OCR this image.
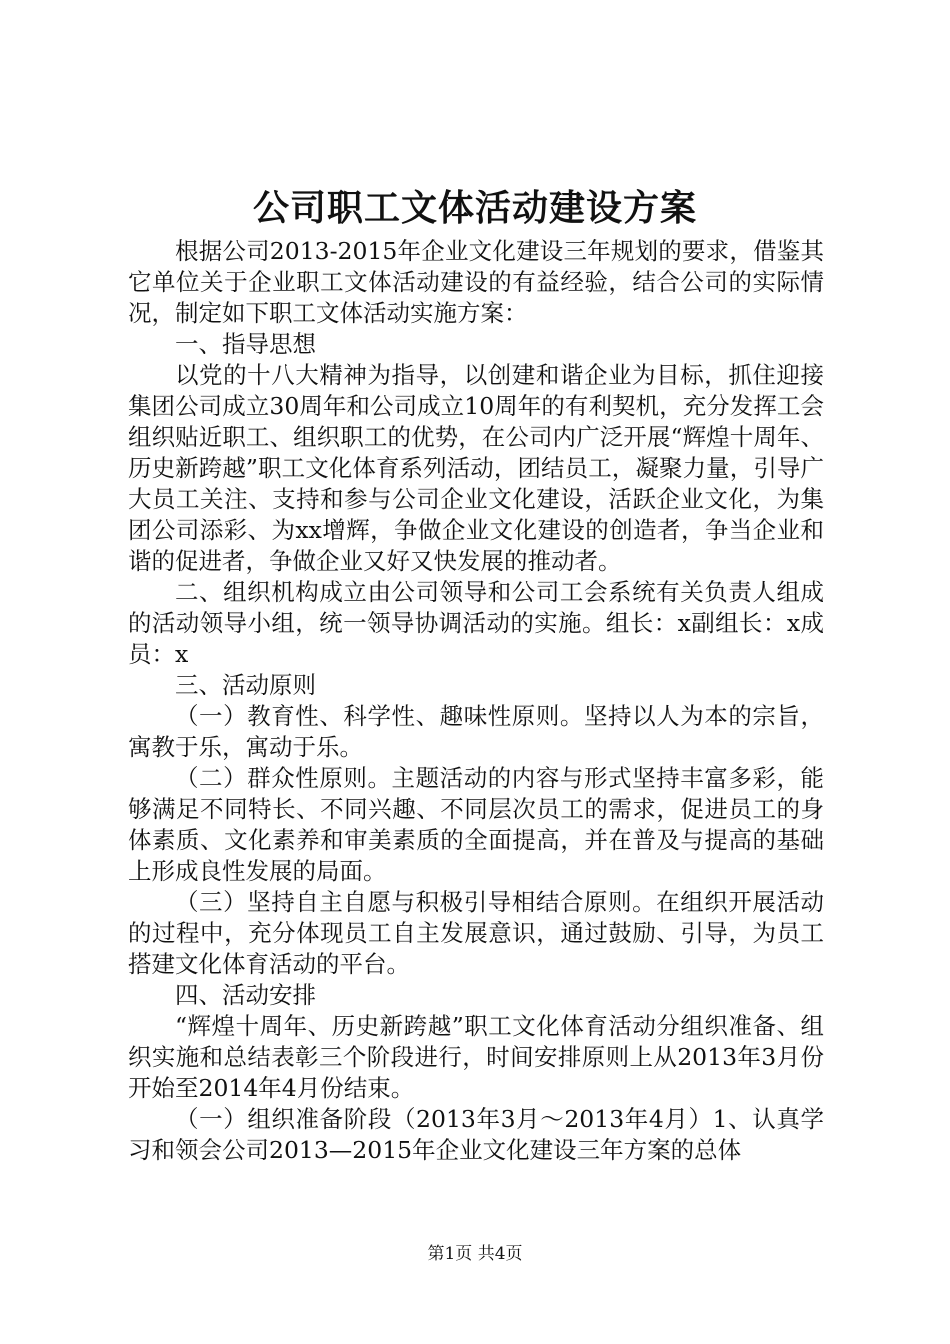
公司职工文体活动建设方案

根据公司2013-2015年企业文化建设三年规划的要求，借鉴其它单位关于企业职工文体活动建设的有益经验，结合公司的实际情况，制定如下职工文体活动实施方案：

一、指导思想

以党的十八大精神为指导，以创建和谐企业为目标，抓住迎接集团公司成立30周年和公司成立10周年的有利契机，充分发挥工会组织贴近职工、组织职工的优势，在公司内广泛开展“辉煌十周年、历史新跨越”职工文化体育系列活动，团结员工，凝聚力量，引导广大员工关注、支持和参与公司企业文化建设，活跃企业文化，为集团公司添彩、为xx增辉，争做企业文化建设的创造者，争当企业和谐的促进者，争做企业又好又快发展的推动者。

二、组织机构成立由公司领导和公司工会系统有关负责人组成的活动领导小组，统一领导协调活动的实施。组长：x副组长：x成员：x

三、活动原则

（一）教育性、科学性、趣味性原则。坚持以人为本的宗旨，寓教于乐，寓动于乐。

（二）群众性原则。主题活动的内容与形式坚持丰富多彩，能够满足不同特长、不同兴趣、不同层次员工的需求，促进员工的身体素质、文化素养和审美素质的全面提高，并在普及与提高的基础上形成良性发展的局面。

（三）坚持自主自愿与积极引导相结合原则。在组织开展活动的过程中，充分体现员工自主发展意识，通过鼓励、引导，为员工搭建文化体育活动的平台。

四、活动安排

“辉煌十周年、历史新跨越”职工文化体育活动分组织准备、组织实施和总结表彰三个阶段进行，时间安排原则上从2013年3月份开始至2014年4月份结束。

（一）组织准备阶段（2013年3月～2013年4月）1、认真学习和领会公司2013—2015年企业文化建设三年方案的总体

第1页 共4页
